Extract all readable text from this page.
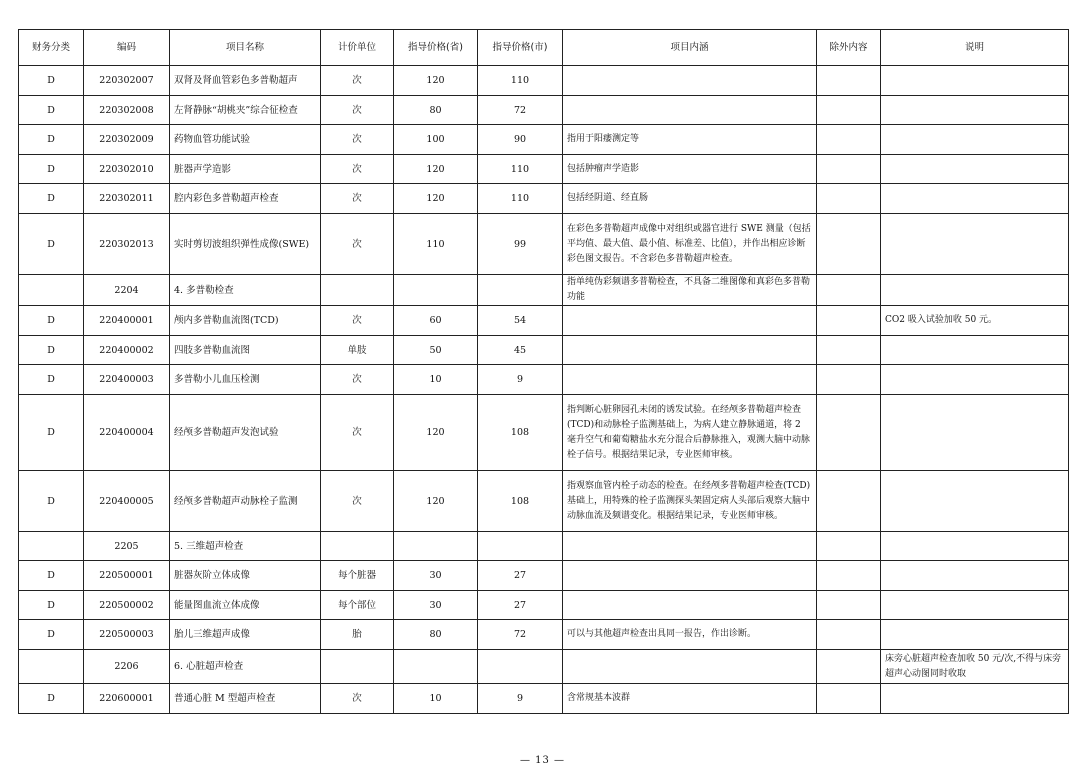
财务分类	编码	项目名称	计价单位	指导价格(省)	指导价格(市)	项目内涵	除外内容	说明
D	220302007	双肾及肾血管彩色多普勒超声	次	120	110			
D	220302008	左肾静脉“胡桃夹”综合征检查	次	80	72			
D	220302009	药物血管功能试验	次	100	90	指用于阳痿测定等		
D	220302010	脏器声学造影	次	120	110	包括肿瘤声学造影		
D	220302011	腔内彩色多普勒超声检查	次	120	110	包括经阴道、经直肠		
D	220302013	实时剪切波组织弹性成像(SWE)	次	110	99	在彩色多普勒超声成像中对组织或器官进行 SWE 测量（包括平均值、最大值、最小值、标准差、比值），并作出相应诊断彩色图文报告。不含彩色多普勒超声检查。		
	2204	4. 多普勒检查				指单纯伪彩频谱多普勒检查，不具备二维图像和真彩色多普勒功能		
D	220400001	颅内多普勒血流图(TCD)	次	60	54			CO2 吸入试验加收 50 元。
D	220400002	四肢多普勒血流图	单肢	50	45			
D	220400003	多普勒小儿血压检测	次	10	9			
D	220400004	经颅多普勒超声发泡试验	次	120	108	指判断心脏卵园孔未闭的诱发试验。在经颅多普勒超声检查(TCD)和动脉栓子监测基础上，为病人建立静脉通道，将 2 毫升空气和葡萄糖盐水充分混合后静脉推入，观测大脑中动脉栓子信号。根据结果记录，专业医师审核。		
D	220400005	经颅多普勒超声动脉栓子监测	次	120	108	指观察血管内栓子动态的检查。在经颅多普勒超声检查(TCD)基础上，用特殊的栓子监测探头架固定病人头部后观察大脑中动脉血流及频谱变化。根据结果记录，专业医师审核。		
	2205	5. 三维超声检查						
D	220500001	脏器灰阶立体成像	每个脏器	30	27			
D	220500002	能量图血流立体成像	每个部位	30	27			
D	220500003	胎儿三维超声成像	胎	80	72	可以与其他超声检查出具同一报告，作出诊断。		
	2206	6. 心脏超声检查						床旁心脏超声检查加收 50 元/次,不得与床旁超声心动图同时收取
D	220600001	普通心脏 M 型超声检查	次	10	9	含常规基本波群		
— 13 —
